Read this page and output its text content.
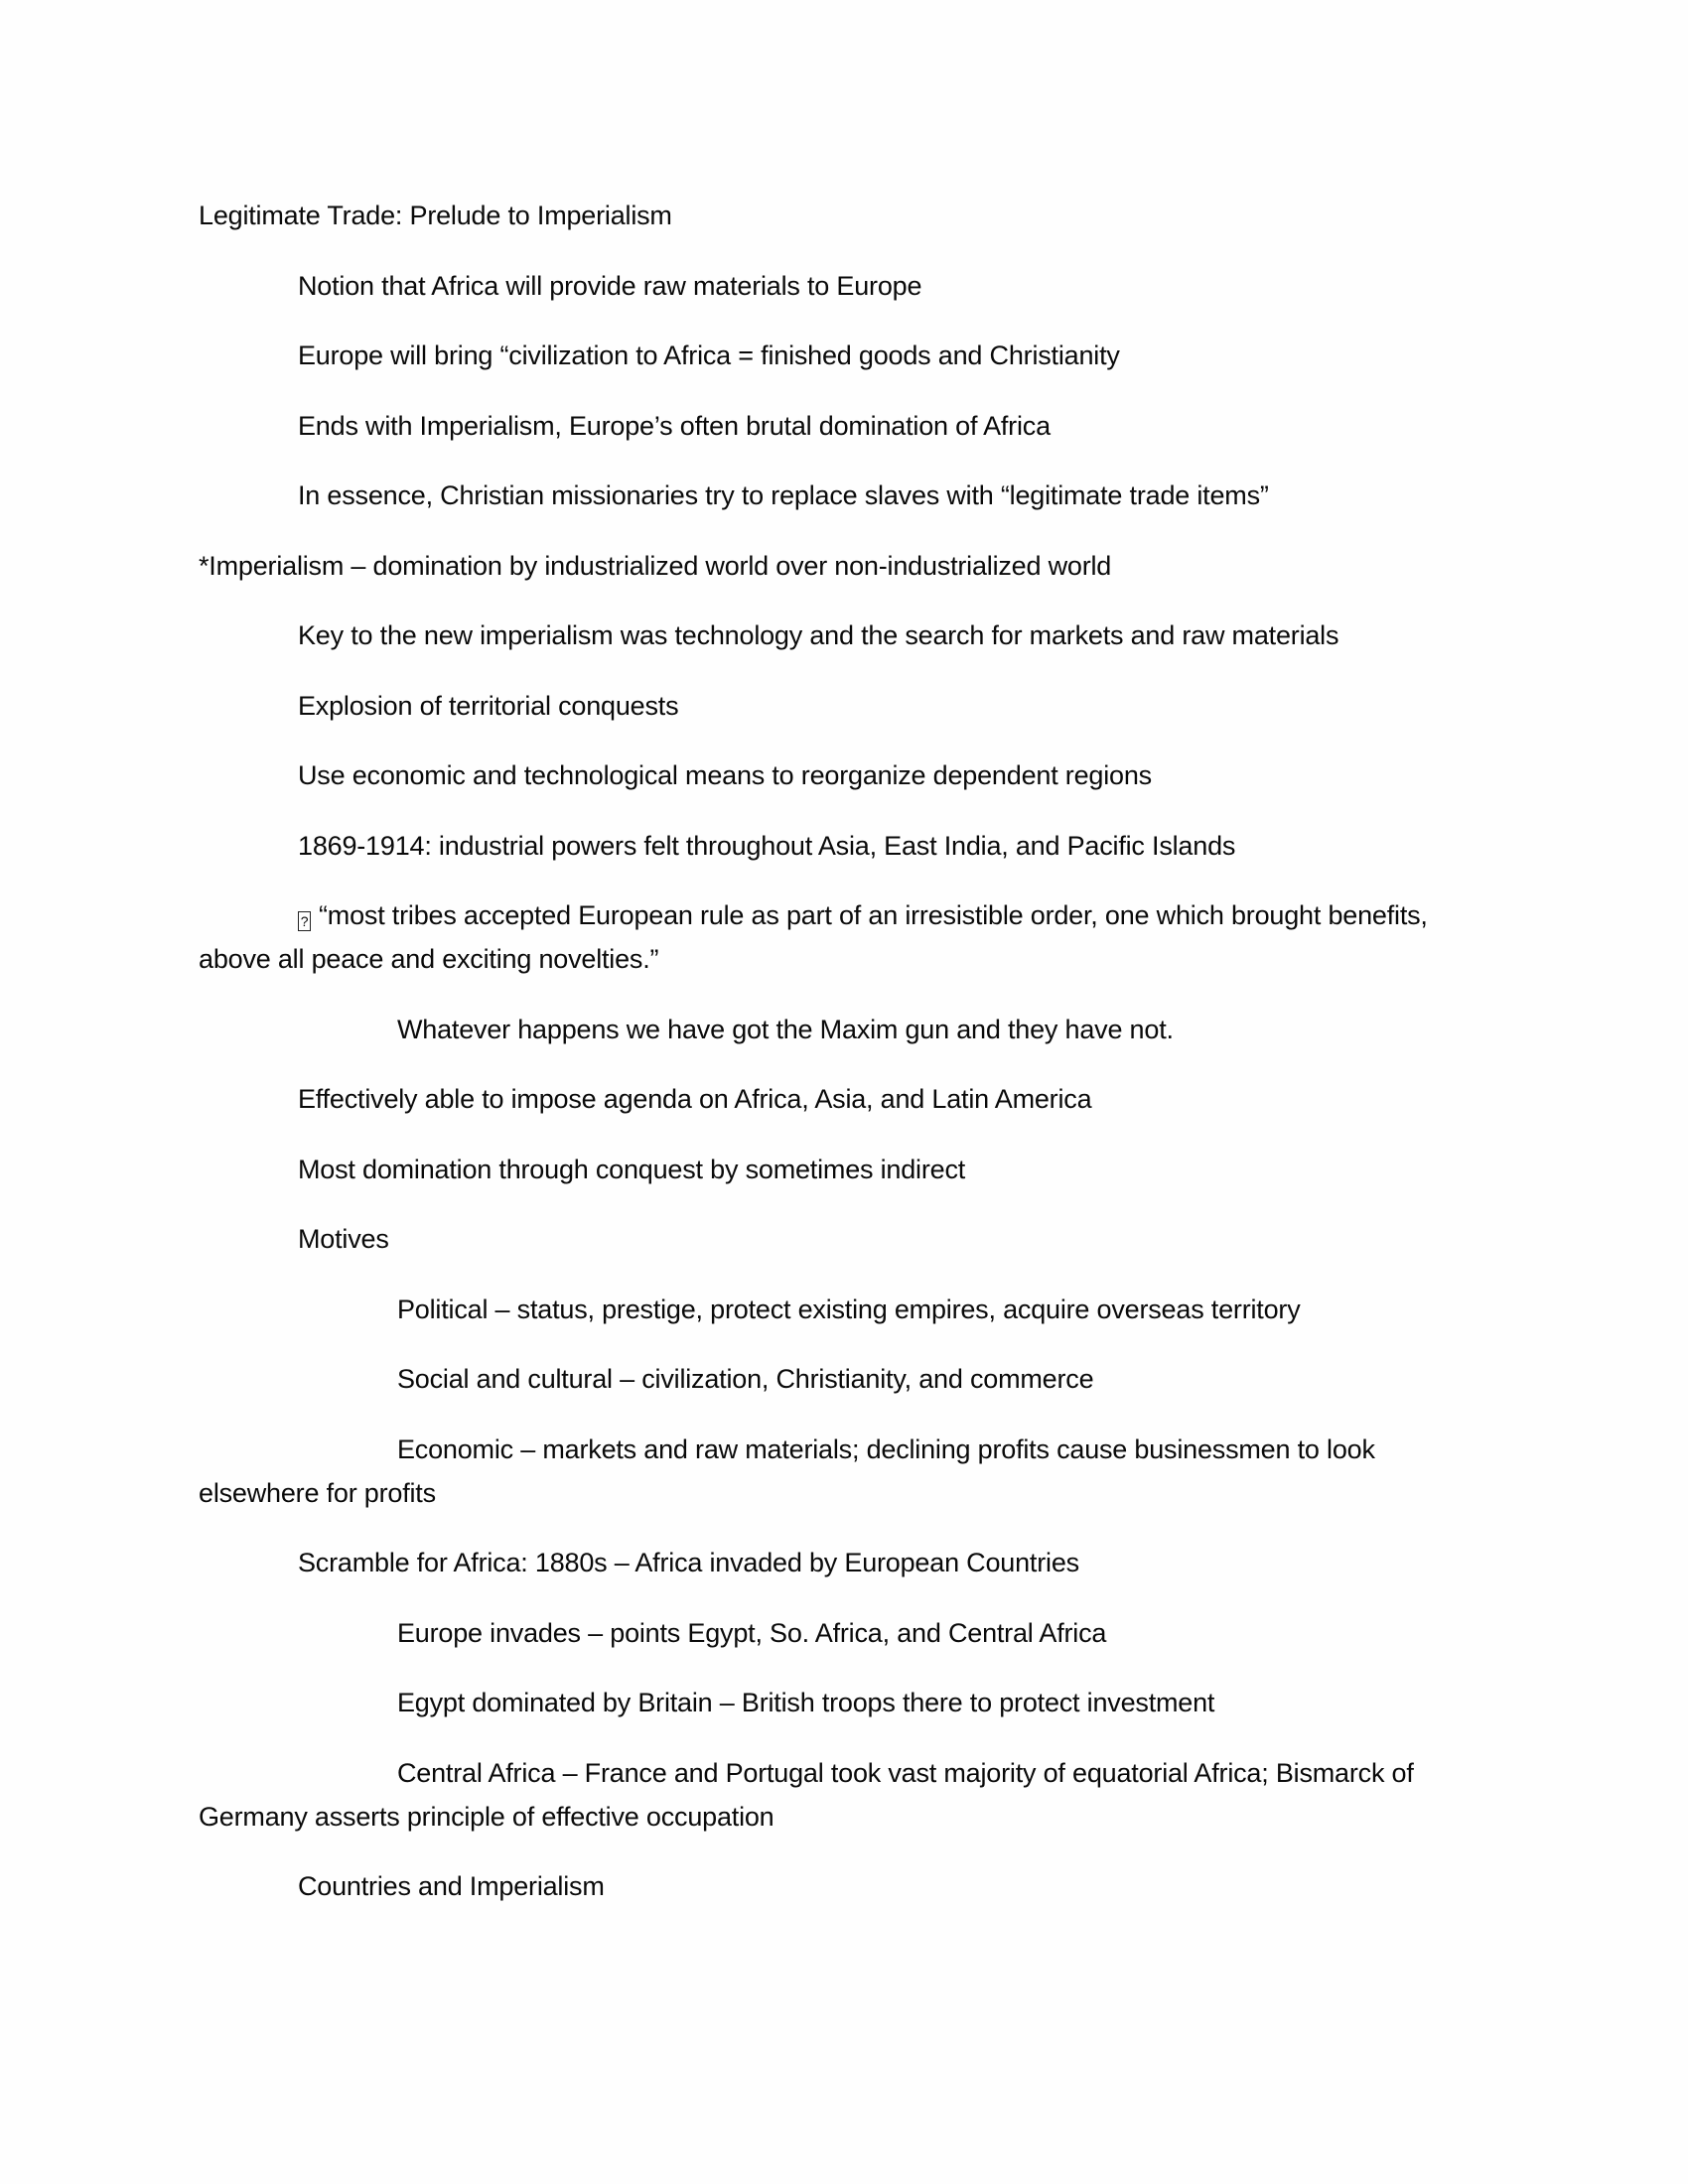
Legitimate Trade: Prelude to Imperialism

Notion that Africa will provide raw materials to Europe

Europe will bring “civilization to Africa = finished goods and Christianity

Ends with Imperialism, Europe’s often brutal domination of Africa

In essence, Christian missionaries try to replace slaves with “legitimate trade items”

*Imperialism – domination by industrialized world over non-industrialized world

Key to the new imperialism was technology and the search for markets and raw materials

Explosion of territorial conquests

Use economic and technological means to reorganize dependent regions

1869-1914: industrial powers felt throughout Asia, East India, and Pacific Islands

? “most tribes accepted European rule as part of an irresistible order, one which brought benefits, above all peace and exciting novelties.”

Whatever happens we have got the Maxim gun and they have not.

Effectively able to impose agenda on Africa, Asia, and Latin America

Most domination through conquest by sometimes indirect

Motives

Political – status, prestige, protect existing empires, acquire overseas territory

Social and cultural – civilization, Christianity, and commerce

Economic – markets and raw materials; declining profits cause businessmen to look elsewhere for profits

Scramble for Africa: 1880s – Africa invaded by European Countries

Europe invades – points Egypt, So. Africa, and Central Africa

Egypt dominated by Britain – British troops there to protect investment

Central Africa – France and Portugal took vast majority of equatorial Africa; Bismarck of Germany asserts principle of effective occupation

Countries and Imperialism
